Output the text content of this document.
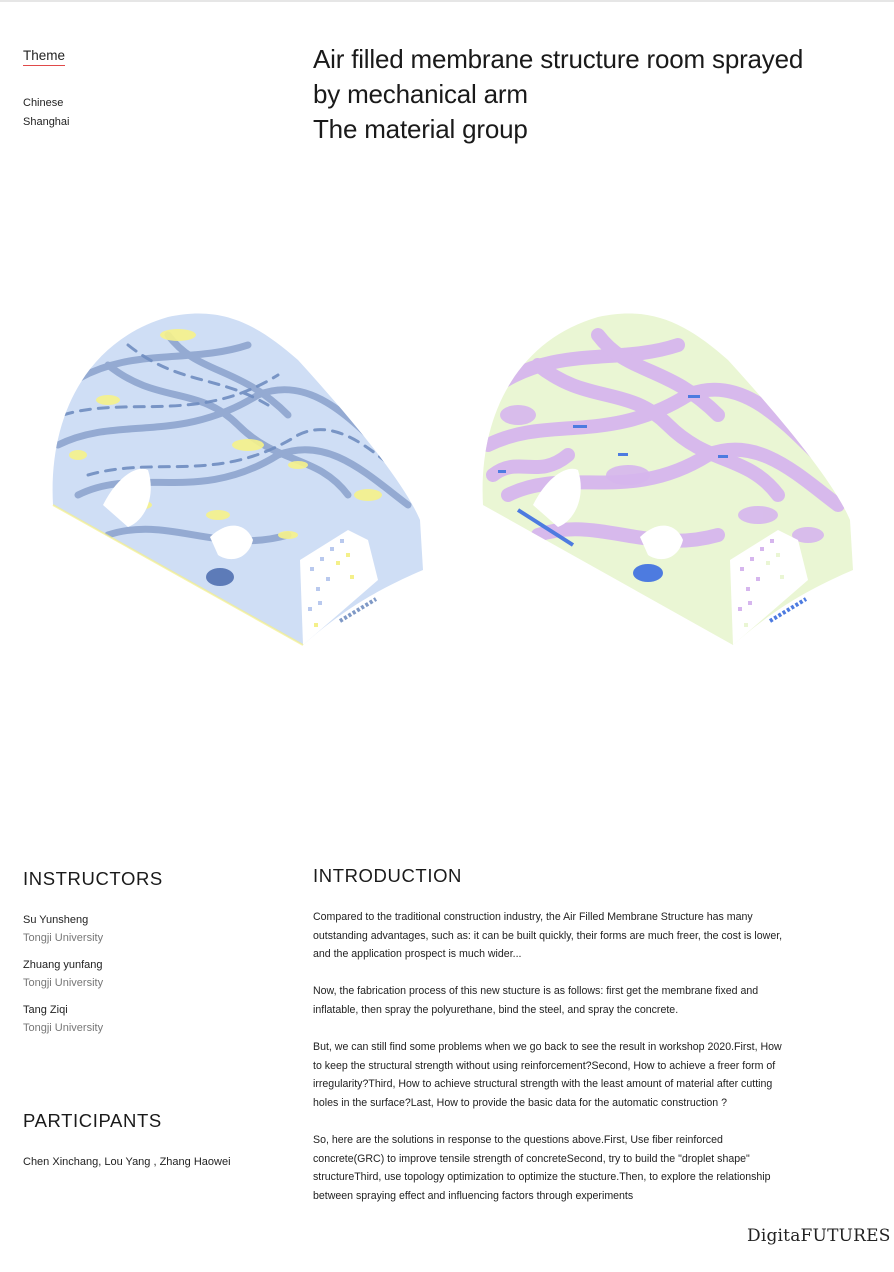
Theme
Chinese
Shanghai
Air filled membrane structure room sprayed
by mechanical arm
The material group
INSTRUCTORS
Su Yunsheng
Tongji University
Zhuang yunfang
Tongji University
Tang Ziqi
Tongji University
PARTICIPANTS
Chen Xinchang, Lou Yang , Zhang Haowei
INTRODUCTION

Compared to the traditional construction industry, the Air Filled Membrane Structure has many outstanding advantages, such as: it can be built quickly, their forms are much freer, the cost is lower, and the application prospect is much wider...

Now, the fabrication process of this new stucture is as follows: first get the membrane fixed and inflatable, then spray the polyurethane, bind the steel, and spray the concrete.

But, we can still find some problems when we go back to see the result in workshop 2020.First, How to keep the structural strength without using reinforcement?Second, How to achieve a freer form of irregularity?Third, How to achieve structural strength with the least amount of material after cutting holes in the surface?Last, How to provide the basic data for the automatic construction ?

So, here are the solutions in response to the questions above.First, Use fiber reinforced concrete(GRC) to improve tensile strength of concreteSecond, try to build the "droplet shape" structureThird, use topology optimization to optimize the stucture.Then, to explore the relationship between spraying effect and influencing factors through experiments

DigitaFUTURES
